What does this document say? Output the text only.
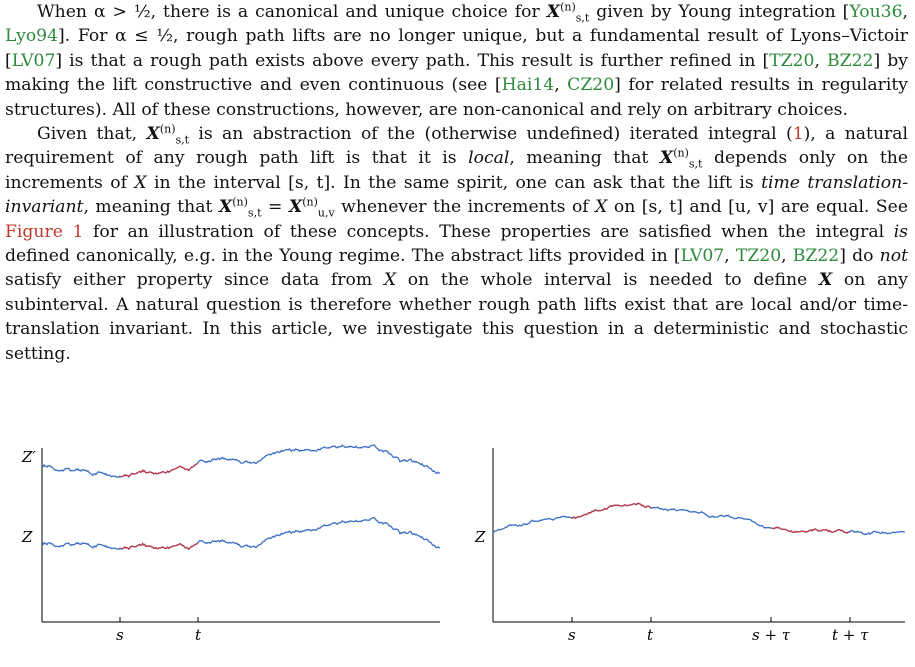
When α > ½, there is a canonical and unique choice for $X^{(n)}_{s,t}$ given by Young integration [You36, Lyo94]. For α ≤ ½, rough path lifts are no longer unique, but a fundamental result of Lyons–Victoir [LV07] is that a rough path exists above every path. This result is further refined in [TZ20, BZ22] by making the lift constructive and even continuous (see [Hai14, CZ20] for related results in regularity structures). All of these constructions, however, are non-canonical and rely on arbitrary choices.

Given that, $X^{(n)}_{s,t}$ is an abstraction of the (otherwise undefined) iterated integral (1), a natural requirement of any rough path lift is that it is local, meaning that $X^{(n)}_{s,t}$ depends only on the increments of X in the interval [s, t]. In the same spirit, one can ask that the lift is time translation-invariant, meaning that $X^{(n)}_{s,t} = X^{(n)}_{u,v}$ whenever the increments of X on [s, t] and [u, v] are equal. See Figure 1 for an illustration of these concepts. These properties are satisfied when the integral is defined canonically, e.g. in the Young regime. The abstract lifts provided in [LV07, TZ20, BZ22] do not satisfy either property since data from X on the whole interval is needed to define X on any subinterval. A natural question is therefore whether rough path lifts exist that are local and/or time-translation invariant. In this article, we investigate this question in a deterministic and stochastic setting.

Z′
Z
s	t
Z
s	t	s + τ	t + τ
